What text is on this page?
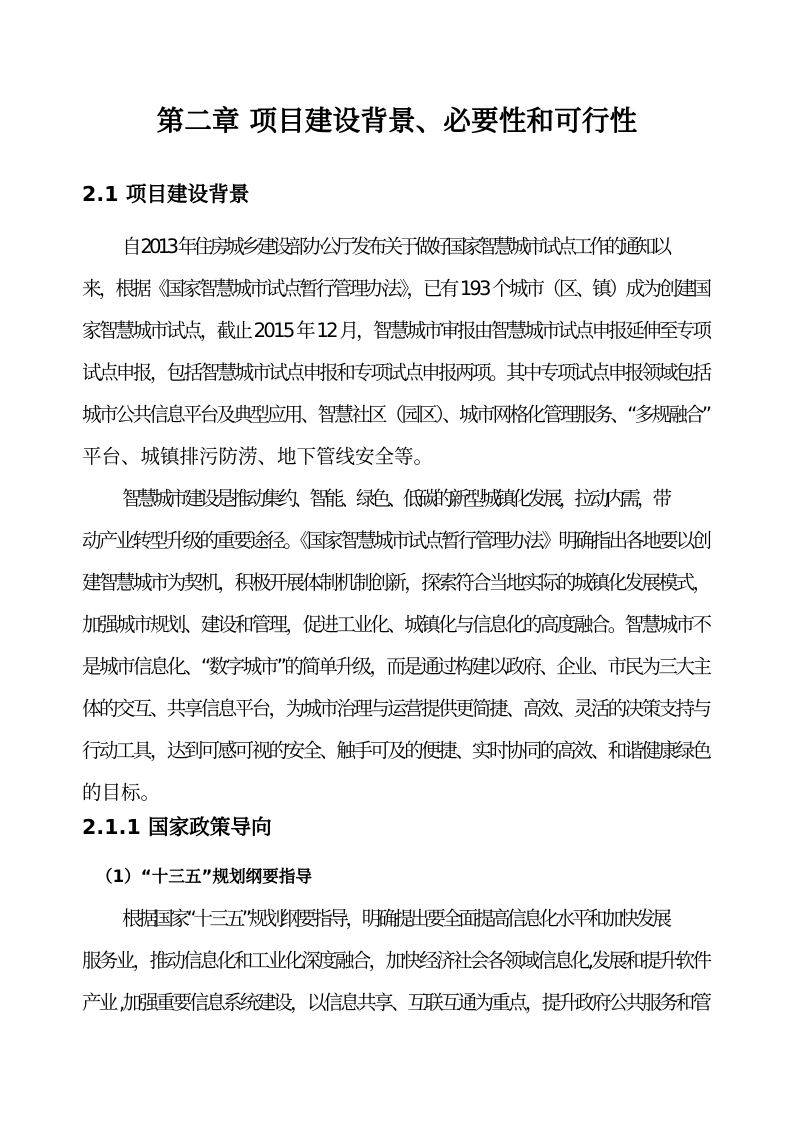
第二章 项目建设背景、必要性和可行性
2.1 项目建设背景
自 2013 年住房城乡建设部办公厅发布关于做好国家智慧城市试点工作的通知以
来，根据《国家智慧城市试点暂行管理办法》，已有 193 个城市（区、镇）成为创建国
家智慧城市试点，截止 2015 年 12 月，智慧城市审报由智慧城市试点申报延伸至专项
试点申报，包括智慧城市试点申报和专项试点申报两项。其中专项试点申报领域包括
城市公共信息平台及典型应用、智慧社区（园区）、城市网格化管理服务、“多规融合”
平台、城镇排污防涝、地下管线安全等。
智慧城市建设是推动集约、智能、绿色、低碳的新型城镇化发展，拉动内需，带
动产业转型升级的重要途径。《国家智慧城市试点暂行管理办法》明确指出各地要以创
建智慧城市为契机，积极开展体制机制创新，探索符合当地实际的城镇化发展模式，
加强城市规划、建设和管理，促进工业化、城镇化与信息化的高度融合。智慧城市不
是城市信息化、“数字城市”的简单升级，而是通过构建以政府、企业、市民为三大主
体的交互、共享信息平台，为城市治理与运营提供更简捷、高效、灵活的决策支持与
行动工具，达到可感可视的安全、触手可及的便捷、实时协同的高效、和谐健康绿色
的目标。
2.1.1 国家政策导向
（1）“十三五”规划纲要指导
根据国家“十三五”规划纲要指导，明确提出要全面提高信息化水平和加快发展
服务业，推动信息化和工业化深度融合，加快经济社会各领域信息化,发展和提升软件
产业 ,加强重要信息系统建设，以信息共享、互联互通为重点，提升政府公共服务和管
